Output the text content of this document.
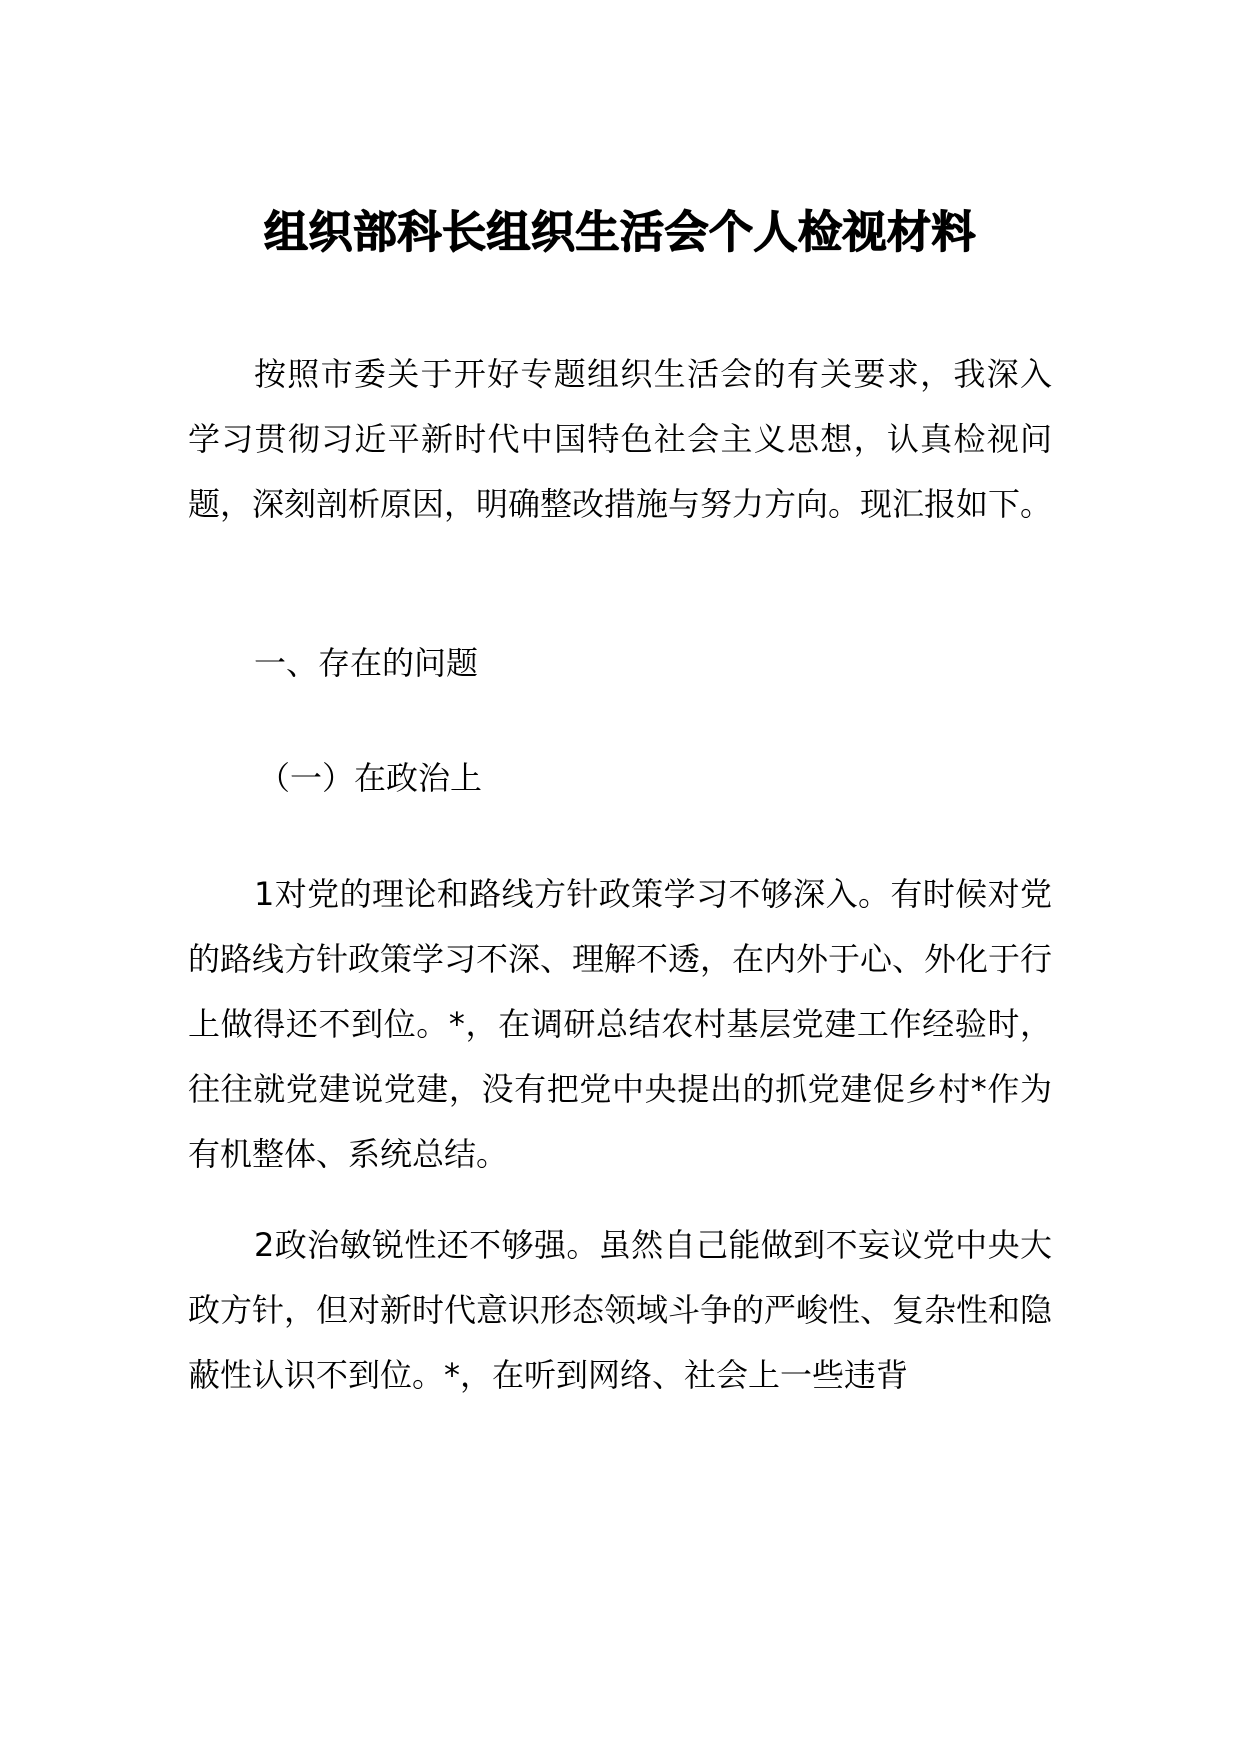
组织部科长组织生活会个人检视材料

按照市委关于开好专题组织生活会的有关要求，我深入学习贯彻习近平新时代中国特色社会主义思想，认真检视问题，深刻剖析原因，明确整改措施与努力方向。现汇报如下。

一、存在的问题
（一）在政治上

1对党的理论和路线方针政策学习不够深入。有时候对党的路线方针政策学习不深、理解不透，在内外于心、外化于行上做得还不到位。*，在调研总结农村基层党建工作经验时，往往就党建说党建，没有把党中央提出的抓党建促乡村*作为有机整体、系统总结。

2政治敏锐性还不够强。虽然自己能做到不妄议党中央大政方针，但对新时代意识形态领域斗争的严峻性、复杂性和隐蔽性认识不到位。*，在听到网络、社会上一些违背
